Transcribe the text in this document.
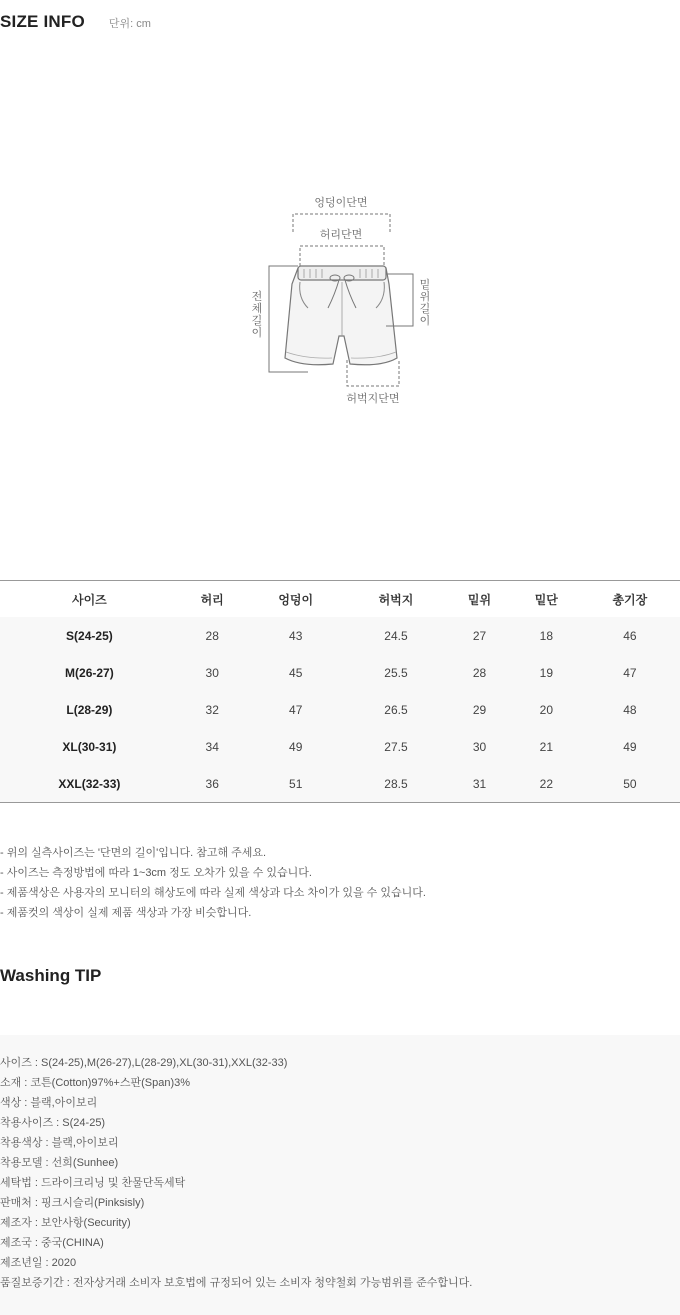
SIZE INFO 단위: cm
엉덩이단면
허리단면
전
체
길
이
밑
위
길
이
허벅지단면
사이즈	허리	엉덩이	허벅지	밑위	밑단	총기장
S(24-25)	28	43	24.5	27	18	46
M(26-27)	30	45	25.5	28	19	47
L(28-29)	32	47	26.5	29	20	48
XL(30-31)	34	49	27.5	30	21	49
XXL(32-33)	36	51	28.5	31	22	50
- 위의 실측사이즈는 '단면의 길이'입니다. 참고해 주세요.
- 사이즈는 측정방법에 따라 1~3cm 정도 오차가 있을 수 있습니다.
- 제품색상은 사용자의 모니터의 해상도에 따라 실제 색상과 다소 차이가 있을 수 있습니다.
- 제품컷의 색상이 실제 제품 색상과 가장 비슷합니다.
Washing TIP
사이즈 : S(24-25),M(26-27),L(28-29),XL(30-31),XXL(32-33)
소재 : 코튼(Cotton)97%+스판(Span)3%
색상 : 블랙,아이보리
착용사이즈 : S(24-25)
착용색상 : 블랙,아이보리
착용모델 : 선희(Sunhee)
세탁법 : 드라이크리닝 및 찬물단독세탁
판매처 : 핑크시슬리(Pinksisly)
제조자 : 보안사항(Security)
제조국 : 중국(CHINA)
제조년일 : 2020
품질보증기간 : 전자상거래 소비자 보호법에 규정되어 있는 소비자 청약철회 가능범위를 준수합니다.
